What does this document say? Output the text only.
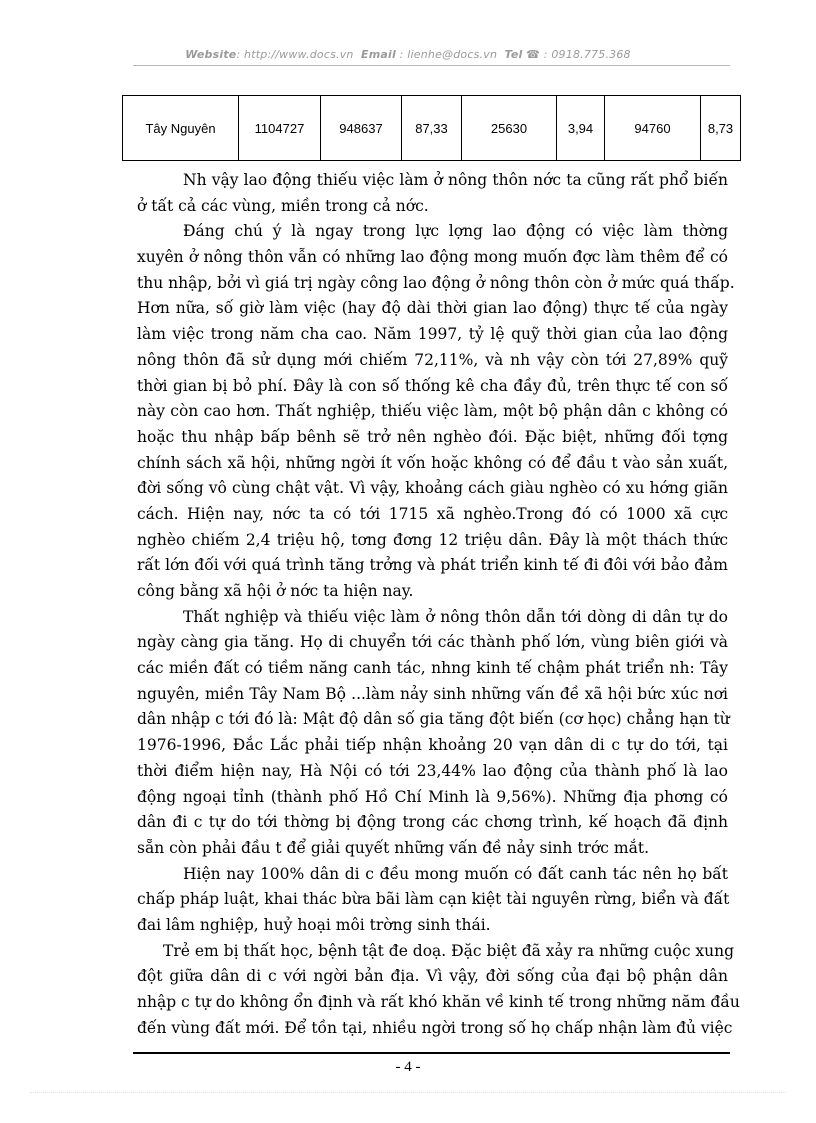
Website: http://www.docs.vn Email : lienhe@docs.vn Tel ☎ : 0918.775.368
Tây Nguyên	1104727	948637	87,33	25630	3,94	94760	8,73
Nh vậy lao động thiếu việc làm ở nông thôn nớc ta cũng rất phổ biến
ở tất cả các vùng, miền trong cả nớc.
Đáng chú ý là ngay trong lực lợng lao động có việc làm thờng
xuyên ở nông thôn vẫn có những lao động mong muốn đợc làm thêm để có
thu nhập, bởi vì giá trị ngày công lao động ở nông thôn còn ở mức quá thấp.
Hơn nữa, số giờ làm việc (hay độ dài thời gian lao động) thực tế của ngày
làm việc trong năm cha cao. Năm 1997, tỷ lệ quỹ thời gian của lao động
nông thôn đã sử dụng mới chiếm 72,11%, và nh vậy còn tới 27,89% quỹ
thời gian bị bỏ phí. Đây là con số thống kê cha đầy đủ, trên thực tế con số
này còn cao hơn. Thất nghiệp, thiếu việc làm, một bộ phận dân c không có
hoặc thu nhập bấp bênh sẽ trở nên nghèo đói. Đặc biệt, những đối tợng
chính sách xã hội, những ngời ít vốn hoặc không có để đầu t vào sản xuất,
đời sống vô cùng chật vật. Vì vậy, khoảng cách giàu nghèo có xu hớng giãn
cách. Hiện nay, nớc ta có tới 1715 xã nghèo.Trong đó có 1000 xã cực
nghèo chiếm 2,4 triệu hộ, tơng đơng 12 triệu dân. Đây là một thách thức
rất lớn đối với quá trình tăng trởng và phát triển kinh tế đi đôi với bảo đảm
công bằng xã hội ở nớc ta hiện nay.
Thất nghiệp và thiếu việc làm ở nông thôn dẫn tới dòng di dân tự do
ngày càng gia tăng. Họ di chuyển tới các thành phố lớn, vùng biên giới và
các miền đất có tiềm năng canh tác, nhng kinh tế chậm phát triển nh: Tây
nguyên, miền Tây Nam Bộ ...làm nảy sinh những vấn đề xã hội bức xúc nơi
dân nhập c tới đó là: Mật độ dân số gia tăng đột biến (cơ học) chẳng hạn từ
1976-1996, Đắc Lắc phải tiếp nhận khoảng 20 vạn dân di c tự do tới, tại
thời điểm hiện nay, Hà Nội có tới 23,44% lao động của thành phố là lao
động ngoại tỉnh (thành phố Hồ Chí Minh là 9,56%). Những địa phơng có
dân đi c tự do tới thờng bị động trong các chơng trình, kế hoạch đã định
sẵn còn phải đầu t để giải quyết những vấn đề nảy sinh trớc mắt.
Hiện nay 100% dân di c đều mong muốn có đất canh tác nên họ bất
chấp pháp luật, khai thác bừa bãi làm cạn kiệt tài nguyên rừng, biển và đất
đai lâm nghiệp, huỷ hoại môi trờng sinh thái.
Trẻ em bị thất học, bệnh tật đe doạ. Đặc biệt đã xảy ra những cuộc xung
đột giữa dân di c với ngời bản địa. Vì vậy, đời sống của đại bộ phận dân
nhập c tự do không ổn định và rất khó khăn về kinh tế trong những năm đầu
đến vùng đất mới. Để tồn tại, nhiều ngời trong số họ chấp nhận làm đủ việc
- 4 -
